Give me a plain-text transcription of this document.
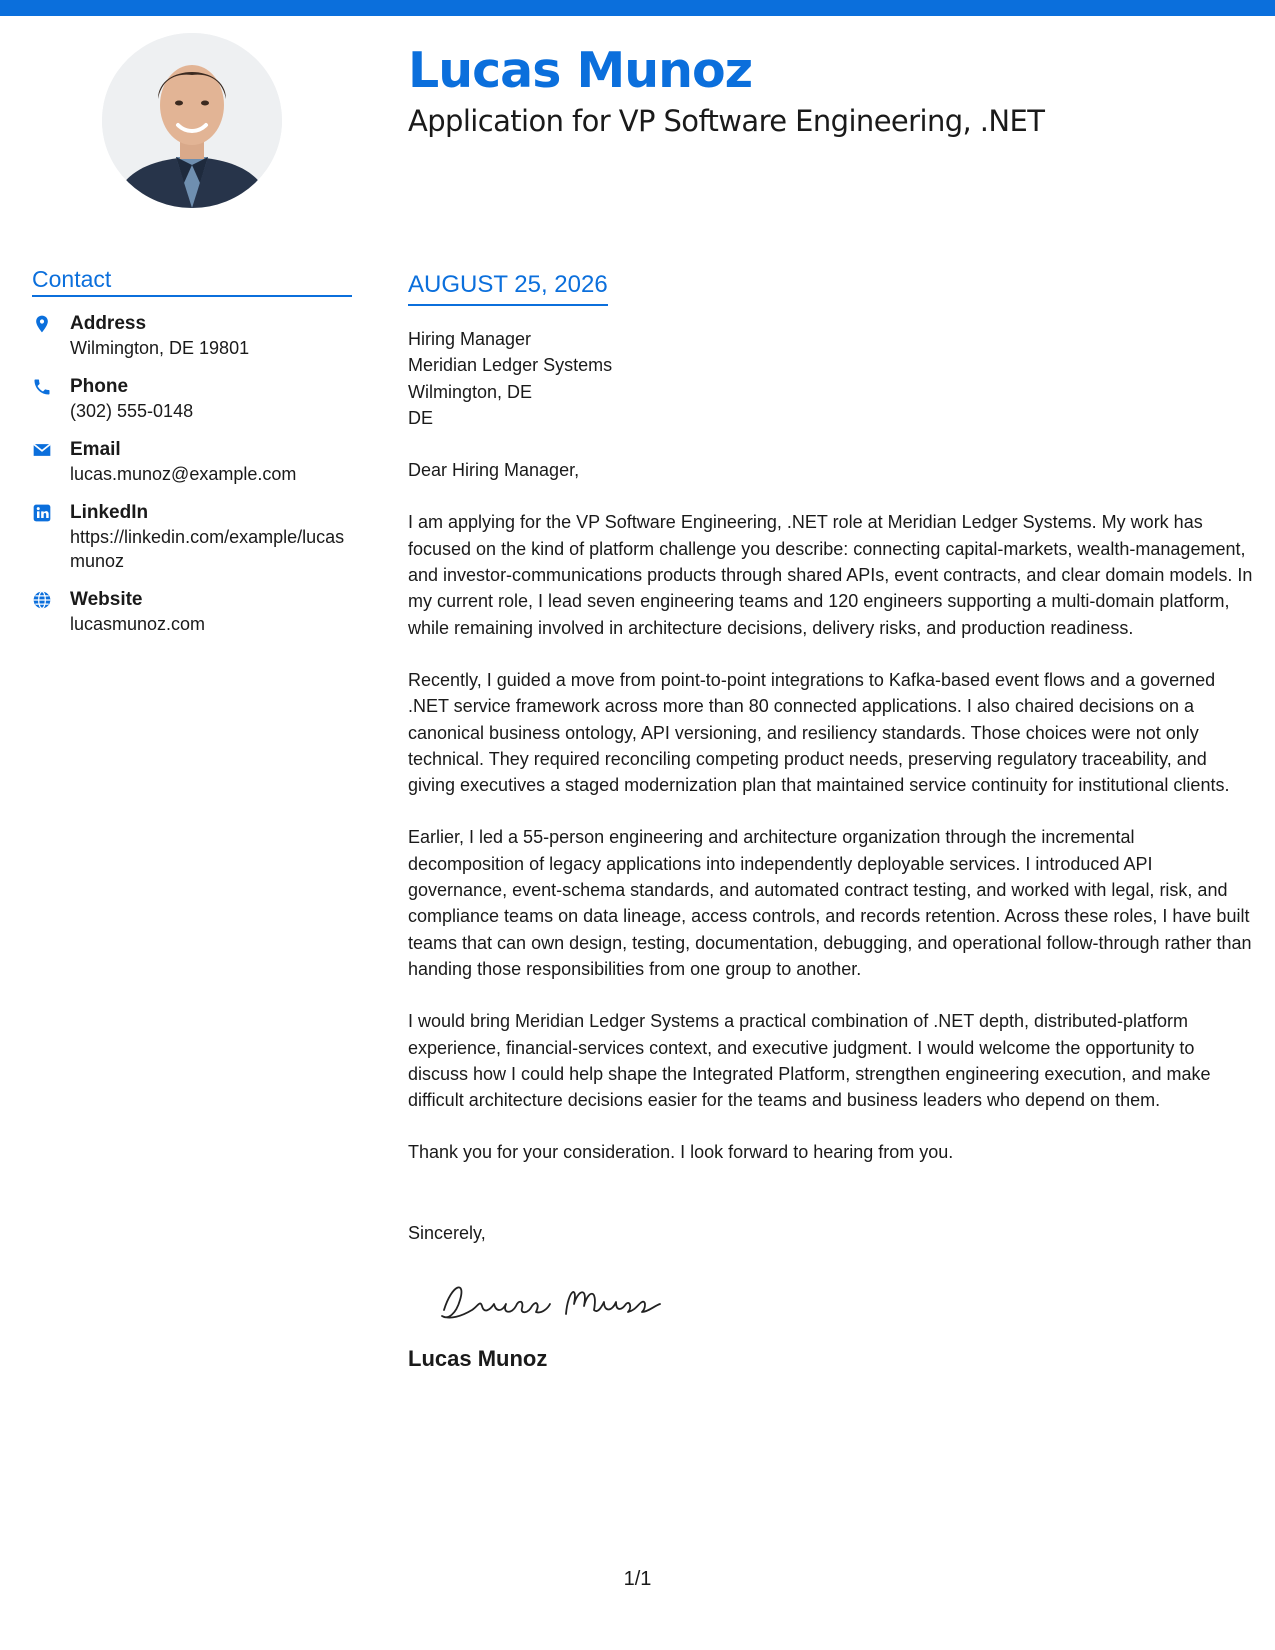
Lucas Munoz
Application for VP Software Engineering, .NET
Contact
Address
Wilmington, DE 19801
Phone
(302) 555-0148
Email
lucas.munoz@example.com
LinkedIn
https://linkedin.com/example/lucasmunoz
Website
lucasmunoz.com
AUGUST 25, 2026
Hiring Manager
Meridian Ledger Systems
Wilmington, DE
DE

Dear Hiring Manager,

I am applying for the VP Software Engineering, .NET role at Meridian Ledger Systems. My work has focused on the kind of platform challenge you describe: connecting capital-markets, wealth-management, and investor-communications products through shared APIs, event contracts, and clear domain models. In my current role, I lead seven engineering teams and 120 engineers supporting a multi-domain platform, while remaining involved in architecture decisions, delivery risks, and production readiness.

Recently, I guided a move from point-to-point integrations to Kafka-based event flows and a governed .NET service framework across more than 80 connected applications. I also chaired decisions on a canonical business ontology, API versioning, and resiliency standards. Those choices were not only technical. They required reconciling competing product needs, preserving regulatory traceability, and giving executives a staged modernization plan that maintained service continuity for institutional clients.

Earlier, I led a 55-person engineering and architecture organization through the incremental decomposition of legacy applications into independently deployable services. I introduced API governance, event-schema standards, and automated contract testing, and worked with legal, risk, and compliance teams on data lineage, access controls, and records retention. Across these roles, I have built teams that can own design, testing, documentation, debugging, and operational follow-through rather than handing those responsibilities from one group to another.

I would bring Meridian Ledger Systems a practical combination of .NET depth, distributed-platform experience, financial-services context, and executive judgment. I would welcome the opportunity to discuss how I could help shape the Integrated Platform, strengthen engineering execution, and make difficult architecture decisions easier for the teams and business leaders who depend on them.

Thank you for your consideration. I look forward to hearing from you.

Sincerely,

Lucas Munoz
1/1
